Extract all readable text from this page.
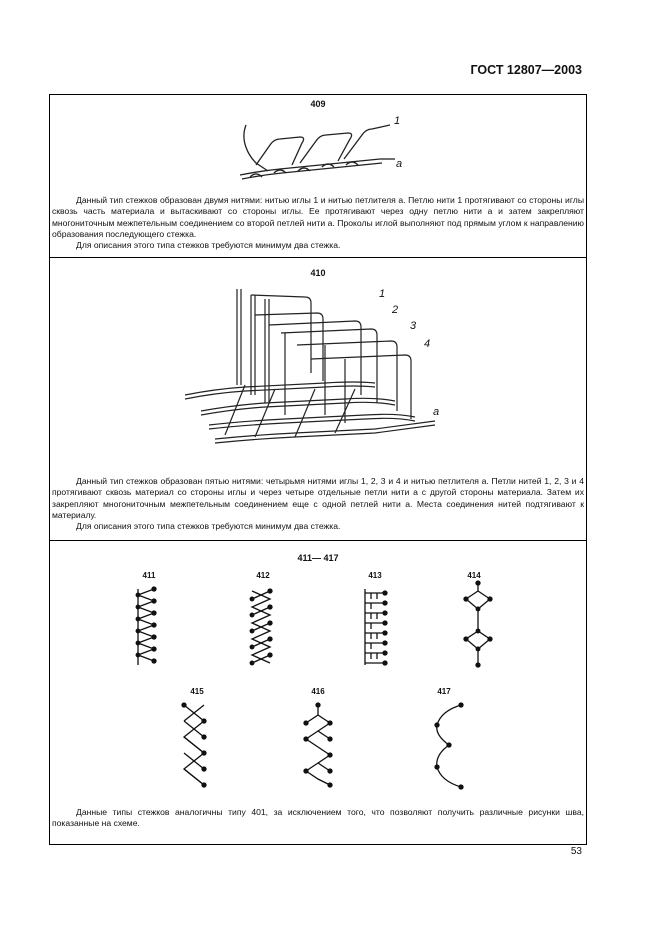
ГОСТ 12807—2003
409
1
a

Данный тип стежков образован двумя нитями: нитью иглы 1 и нитью петлителя a. Петлю нити 1 протягивают со стороны иглы сквозь часть материала и вытаскивают со стороны иглы. Ее протягивают через одну петлю нити a и затем закрепляют многониточным межпетельным соединением со второй петлей нити a. Проколы иглой выполняют под прямым углом к направлению образования последующего стежка.

Для описания этого типа стежков требуются минимум два стежка.

410
1
2
3
4
a

Данный тип стежков образован пятью нитями: четырьмя нитями иглы 1, 2, 3 и 4 и нитью петлителя a. Петли нитей 1, 2, 3 и 4 протягивают сквозь материал со стороны иглы и через четыре отдельные петли нити a с другой стороны материала. Затем их закрепляют многониточным межпетельным соединением еще с одной петлей нити a. Места соединения нитей подтягивают к материалу.

Для описания этого типа стежков требуются минимум два стежка.

411— 417
411	412	413	414
415	416	417

Данные типы стежков аналогичны типу 401, за исключением того, что позволяют получить различные рисунки шва, показанные на схеме.

53
